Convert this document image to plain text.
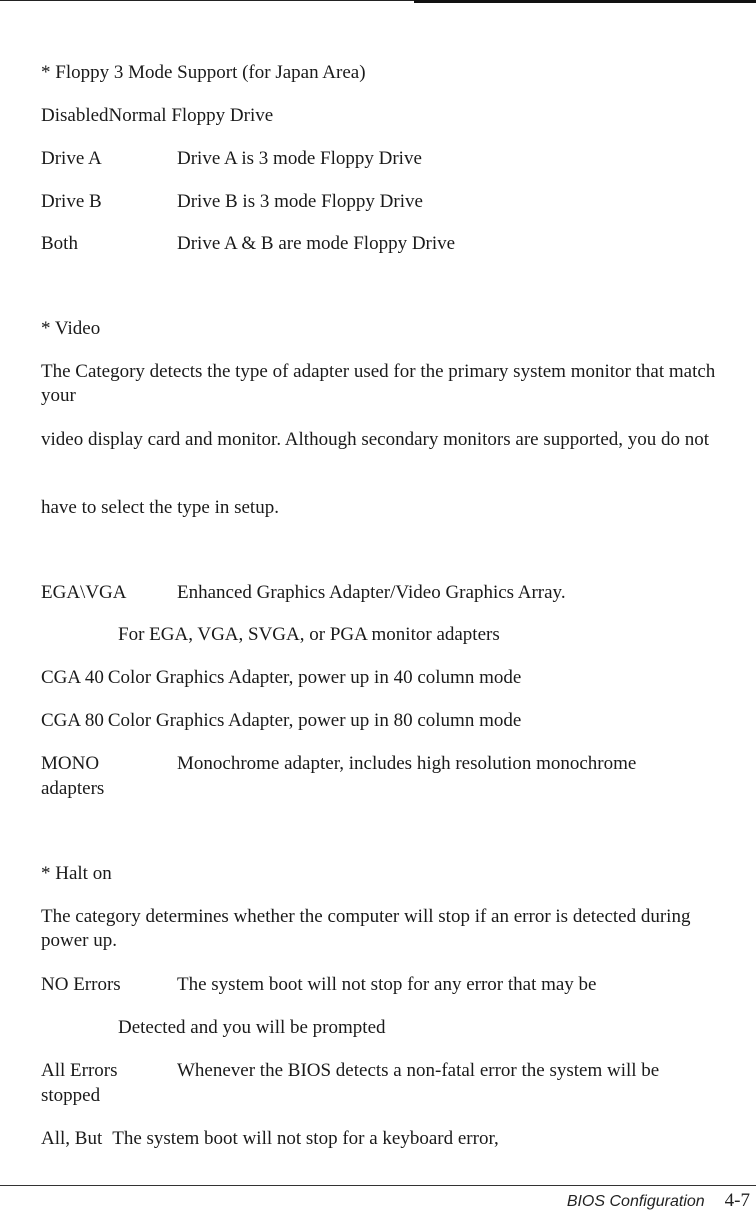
* Floppy 3 Mode Support (for Japan Area)
DisabledNormal Floppy Drive
Drive A	Drive A is 3 mode Floppy Drive
Drive B	Drive B is 3 mode Floppy Drive
Both	Drive A & B are mode Floppy Drive
* Video
The Category detects the type of adapter used for the primary system monitor that match your
video display card and monitor. Although secondary monitors are supported, you do not
have to select the type in setup.
EGA\VGA	Enhanced Graphics Adapter/Video Graphics Array.
For EGA, VGA, SVGA, or PGA monitor adapters
CGA 40 Color Graphics Adapter, power up in 40 column mode
CGA 80 Color Graphics Adapter, power up in 80 column mode
MONO	Monochrome adapter, includes high resolution monochrome
adapters
* Halt on
The category determines whether the computer will stop if an error is detected during power up.
NO Errors	The system boot will not stop for any error that may be
Detected and you will be prompted
All Errors	Whenever the BIOS detects a non-fatal error the system will be
stopped
All, But The system boot will not stop for a keyboard error,
BIOS Configuration 4-7
